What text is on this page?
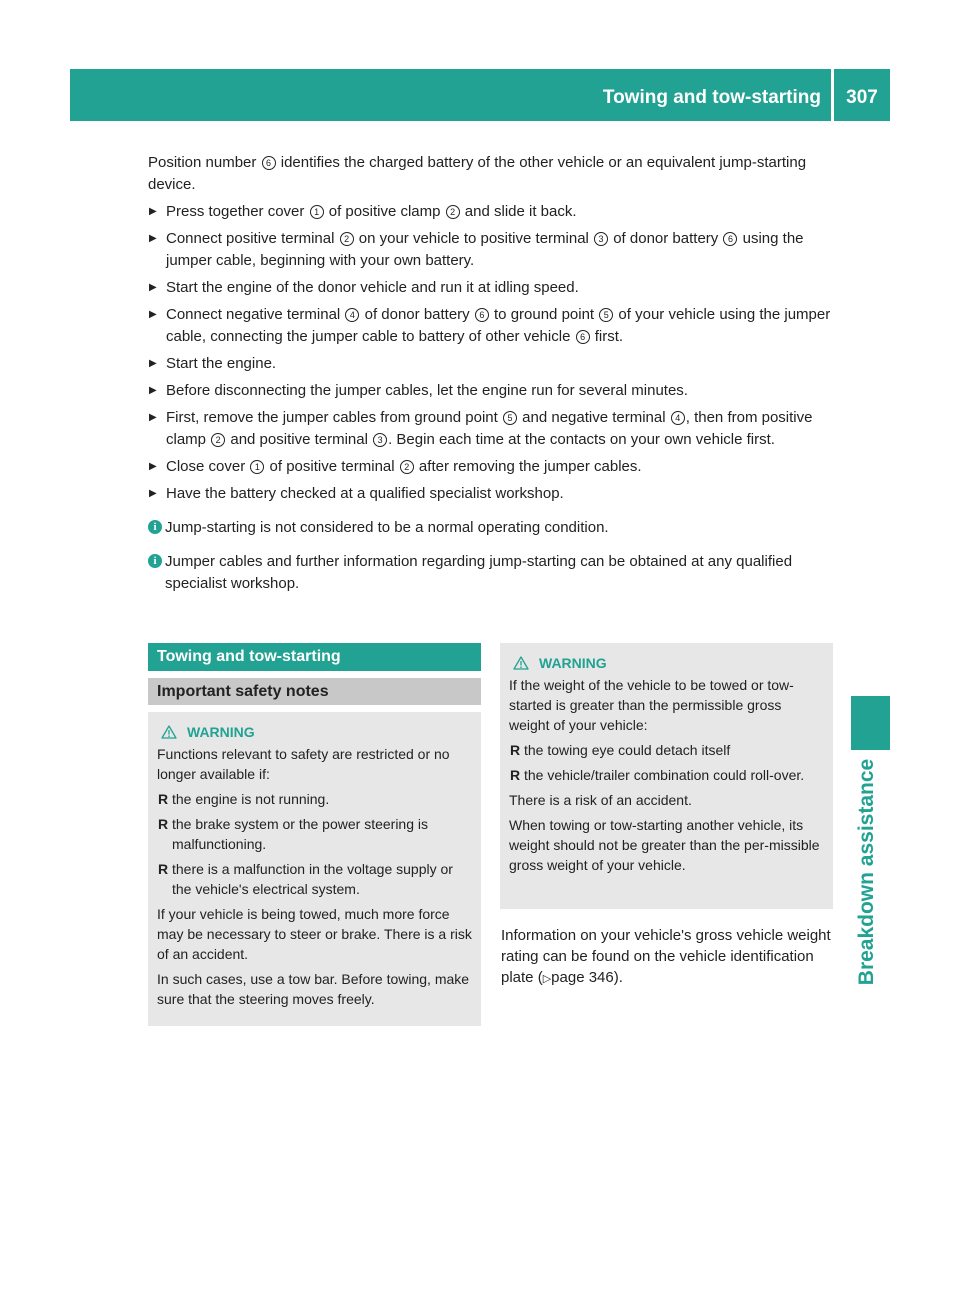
Towing and tow-starting	307
Breakdown assistance

Position number 6 identifies the charged battery of the other vehicle or an equivalent jump-starting device.

▶ Press together cover 1 of positive clamp 2 and slide it back.
▶ Connect positive terminal 2 on your vehicle to positive terminal 3 of donor battery 6 using the jumper cable, beginning with your own battery.
▶ Start the engine of the donor vehicle and run it at idling speed.
▶ Connect negative terminal 4 of donor battery 6 to ground point 5 of your vehicle using the jumper cable, connecting the jumper cable to battery of other vehicle 6 first.
▶ Start the engine.
▶ Before disconnecting the jumper cables, let the engine run for several minutes.
▶ First, remove the jumper cables from ground point 5 and negative terminal 4 , then from positive clamp 2 and positive terminal 3 . Begin each time at the contacts on your own vehicle first.
▶ Close cover 1 of positive terminal 2 after removing the jumper cables.
▶ Have the battery checked at a qualified specialist workshop.
i Jump-starting is not considered to be a normal operating condition.
i Jumper cables and further information regarding jump-starting can be obtained at any qualified specialist workshop.
Towing and tow-starting
Important safety notes
WARNING

Functions relevant to safety are restricted or no longer available if:

R the engine is not running.
R the brake system or the power steering is malfunctioning.
R there is a malfunction in the voltage supply or the vehicle's electrical system.

If your vehicle is being towed, much more force may be necessary to steer or brake. There is a risk of an accident.

In such cases, use a tow bar. Before towing, make sure that the steering moves freely.

WARNING

If the weight of the vehicle to be towed or tow-started is greater than the permissible gross weight of your vehicle:

R the towing eye could detach itself
R the vehicle/trailer combination could roll-over.

There is a risk of an accident.

When towing or tow-starting another vehicle, its weight should not be greater than the per-missible gross weight of your vehicle.

Information on your vehicle's gross vehicle weight rating can be found on the vehicle identification plate (▷page 346).
